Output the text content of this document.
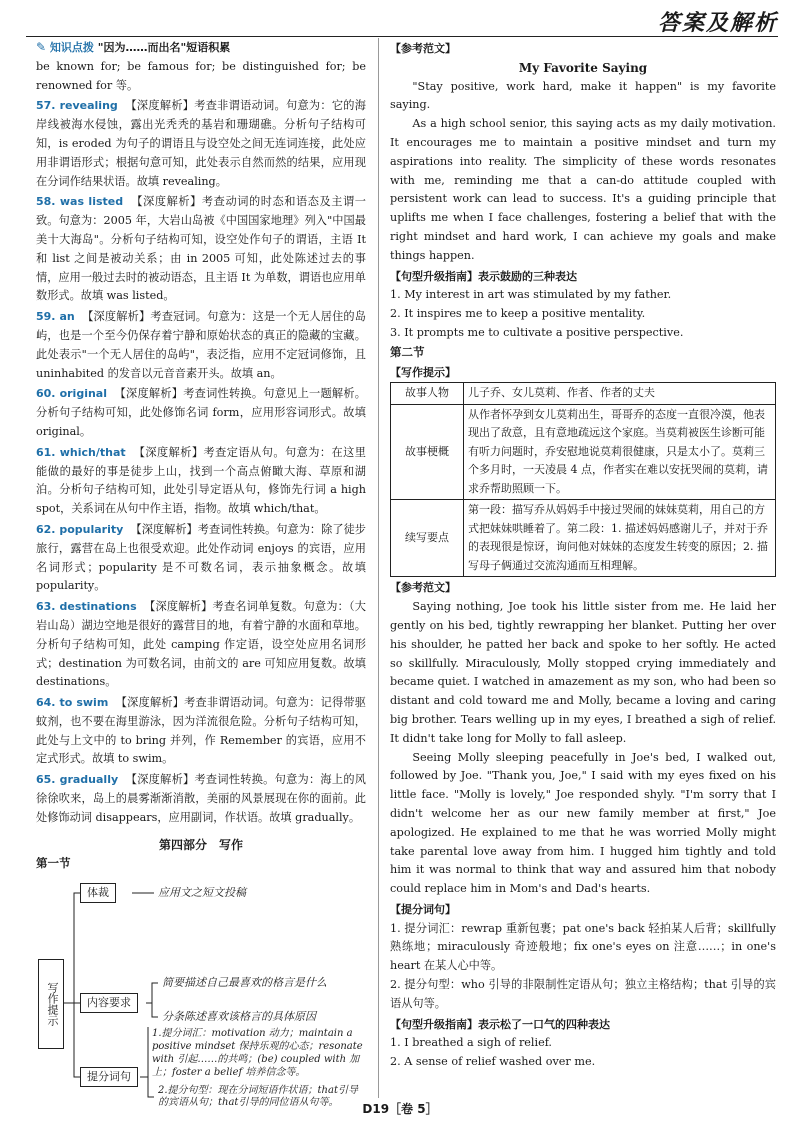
答案及解析
✎ 知识点拨 "因为……而出名"短语积累

be known for; be famous for; be distinguished for; be renowned for 等。

57. revealing 【深度解析】考查非谓语动词。句意为：它的海岸线被海水侵蚀，露出光秃秃的基岩和珊瑚礁。分析句子结构可知，is eroded 为句子的谓语且与设空处之间无连词连接，此处应用非谓语形式；根据句意可知，此处表示自然而然的结果，应用现在分词作结果状语。故填 revealing。

58. was listed 【深度解析】考查动词的时态和语态及主谓一致。句意为：2005 年，大岩山岛被《中国国家地理》列入"中国最美十大海岛"。分析句子结构可知，设空处作句子的谓语，主语 It 和 list 之间是被动关系；由 in 2005 可知，此处陈述过去的事情，应用一般过去时的被动语态，且主语 It 为单数，谓语也应用单数形式。故填 was listed。

59. an 【深度解析】考查冠词。句意为：这是一个无人居住的岛屿，也是一个至今仍保存着宁静和原始状态的真正的隐藏的宝藏。此处表示"一个无人居住的岛屿"，表泛指，应用不定冠词修饰，且 uninhabited 的发音以元音音素开头。故填 an。

60. original 【深度解析】考查词性转换。句意见上一题解析。分析句子结构可知，此处修饰名词 form，应用形容词形式。故填 original。

61. which/that 【深度解析】考查定语从句。句意为：在这里能做的最好的事是徒步上山，找到一个高点俯瞰大海、草原和湖泊。分析句子结构可知，此处引导定语从句，修饰先行词 a high spot，关系词在从句中作主语，指物。故填 which/that。

62. popularity 【深度解析】考查词性转换。句意为：除了徒步旅行，露营在岛上也很受欢迎。此处作动词 enjoys 的宾语，应用名词形式；popularity 是不可数名词，表示抽象概念。故填 popularity。

63. destinations 【深度解析】考查名词单复数。句意为：（大岩山岛）湖边空地是很好的露营目的地，有着宁静的水面和草地。分析句子结构可知，此处 camping 作定语，设空处应用名词形式；destination 为可数名词，由前文的 are 可知应用复数。故填 destinations。

64. to swim 【深度解析】考查非谓语动词。句意为：记得带驱蚊剂，也不要在海里游泳，因为洋流很危险。分析句子结构可知，此处与上文中的 to bring 并列，作 Remember 的宾语，应用不定式形式。故填 to swim。

65. gradually 【深度解析】考查词性转换。句意为：海上的风徐徐吹来，岛上的晨雾渐渐消散，美丽的风景展现在你的面前。此处修饰动词 disappears，应用副词，作状语。故填 gradually。

第四部分　写作
第一节
写作提示
体裁	应用文之短文投稿
内容要求
简要描述自己最喜欢的格言是什么
分条陈述喜欢该格言的具体原因
提分词句
1.提分词汇：motivation 动力；maintain a positive mindset 保持乐观的心态；resonate with 引起……的共鸣；(be) coupled with 加上；foster a belief 培养信念等。
2.提分句型：现在分词短语作状语；that引导的宾语从句；that引导的同位语从句等。
【参考范文】
My Favorite Saying

"Stay positive, work hard, make it happen" is my favorite saying.

As a high school senior, this saying acts as my daily motivation. It encourages me to maintain a positive mindset and turn my aspirations into reality. The simplicity of these words resonates with me, reminding me that a can-do attitude coupled with persistent work can lead to success. It's a guiding principle that uplifts me when I face challenges, fostering a belief that with the right mindset and hard work, I can achieve my goals and make things happen.

【句型升级指南】表示鼓励的三种表达

1. My interest in art was stimulated by my father.

2. It inspires me to keep a positive mentality.

3. It prompts me to cultivate a positive perspective.

第二节
【写作提示】
故事人物	儿子乔、女儿莫莉、作者、作者的丈夫
故事梗概	从作者怀孕到女儿莫莉出生，哥哥乔的态度一直很冷漠，他表现出了敌意，且有意地疏远这个家庭。当莫莉被医生诊断可能有听力问题时，乔安慰地说莫莉很健康，只是太小了。莫莉三个多月时，一天凌晨 4 点，作者实在难以安抚哭闹的莫莉，请求乔帮助照顾一下。
续写要点	第一段：描写乔从妈妈手中接过哭闹的妹妹莫莉，用自己的方式把妹妹哄睡着了。第二段：1. 描述妈妈感谢儿子，并对于乔的表现很是惊讶，询问他对妹妹的态度发生转变的原因；2. 描写母子俩通过交流沟通而互相理解。
【参考范文】

Saying nothing, Joe took his little sister from me. He laid her gently on his bed, tightly rewrapping her blanket. Putting her over his shoulder, he patted her back and spoke to her softly. He acted so skillfully. Miraculously, Molly stopped crying immediately and became quiet. I watched in amazement as my son, who had been so distant and cold toward me and Molly, became a loving and caring big brother. Tears welling up in my eyes, I breathed a sigh of relief. It didn't take long for Molly to fall asleep.

Seeing Molly sleeping peacefully in Joe's bed, I walked out, followed by Joe. "Thank you, Joe," I said with my eyes fixed on his little face. "Molly is lovely," Joe responded shyly. "I'm sorry that I didn't welcome her as our new family member at first," Joe apologized. He explained to me that he was worried Molly might take parental love away from him. I hugged him tightly and told him it was normal to think that way and assured him that nobody could replace him in Mom's and Dad's hearts.

【提分词句】

1. 提分词汇：rewrap 重新包裹；pat one's back 轻拍某人后背；skillfully 熟练地；miraculously 奇迹般地；fix one's eyes on 注意……；in one's heart 在某人心中等。

2. 提分句型：who 引导的非限制性定语从句；独立主格结构；that 引导的宾语从句等。

【句型升级指南】表示松了一口气的四种表达

1. I breathed a sigh of relief.

2. A sense of relief washed over me.

D19［卷 5］
